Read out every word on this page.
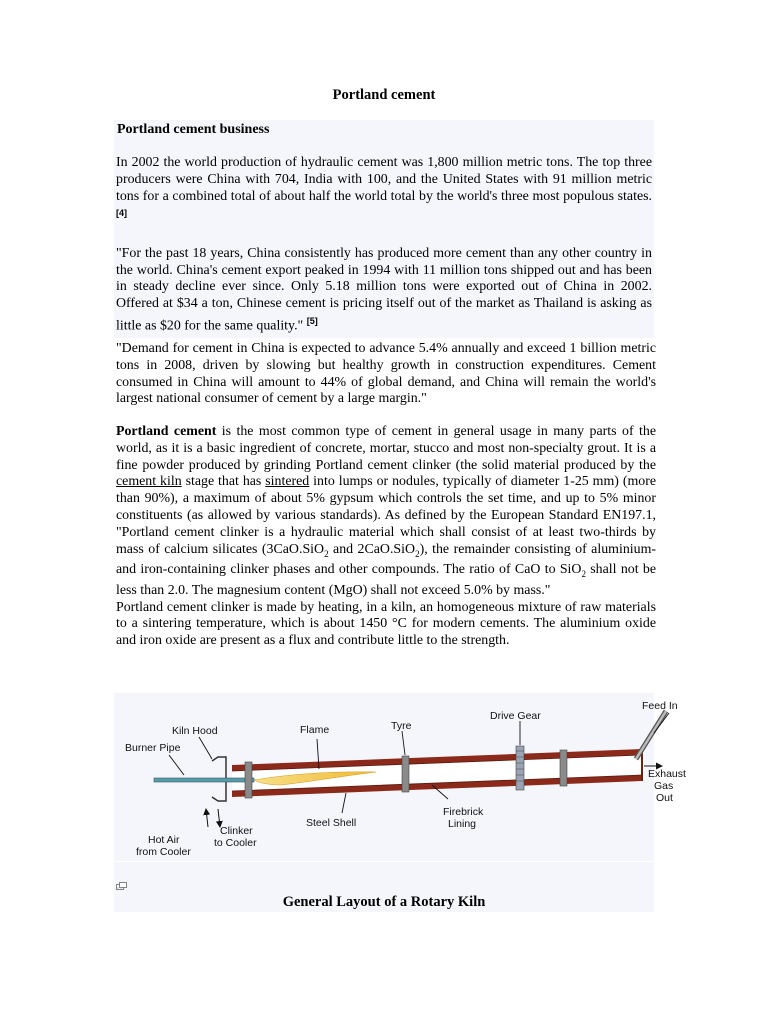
Portland cement
Portland cement business

In 2002 the world production of hydraulic cement was 1,800 million metric tons. The top three producers were China with 704, India with 100, and the United States with 91 million metric tons for a combined total of about half the world total by the world's three most populous states. [4]

"For the past 18 years, China consistently has produced more cement than any other country in the world. China's cement export peaked in 1994 with 11 million tons shipped out and has been in steady decline ever since. Only 5.18 million tons were exported out of China in 2002. Offered at $34 a ton, Chinese cement is pricing itself out of the market as Thailand is asking as little as $20 for the same quality." [5]

"Demand for cement in China is expected to advance 5.4% annually and exceed 1 billion metric tons in 2008, driven by slowing but healthy growth in construction expenditures. Cement consumed in China will amount to 44% of global demand, and China will remain the world's largest national consumer of cement by a large margin."

Portland cement is the most common type of cement in general usage in many parts of the world, as it is a basic ingredient of concrete, mortar, stucco and most non-specialty grout. It is a fine powder produced by grinding Portland cement clinker (the solid material produced by the cement kiln stage that has sintered into lumps or nodules, typically of diameter 1-25 mm) (more than 90%), a maximum of about 5% gypsum which controls the set time, and up to 5% minor constituents (as allowed by various standards). As defined by the European Standard EN197.1, "Portland cement clinker is a hydraulic material which shall consist of at least two-thirds by mass of calcium silicates (3CaO.SiO$_2$ and 2CaO.SiO$_2$), the remainder consisting of aluminium- and iron-containing clinker phases and other compounds. The ratio of CaO to SiO$_2$ shall not be less than 2.0. The magnesium content (MgO) shall not exceed 5.0% by mass."
Portland cement clinker is made by heating, in a kiln, an homogeneous mixture of raw materials to a sintering temperature, which is about 1450 °C for modern cements. The aluminium oxide and iron oxide are present as a flux and contribute little to the strength.

Kiln Hood
Burner Pipe
Flame	Tyre
Drive Gear
Feed In
Exhaust
Gas
Out
Firebrick
Lining
Steel Shell
Clinker
to Cooler
Hot Air
from Cooler
General Layout of a Rotary Kiln
